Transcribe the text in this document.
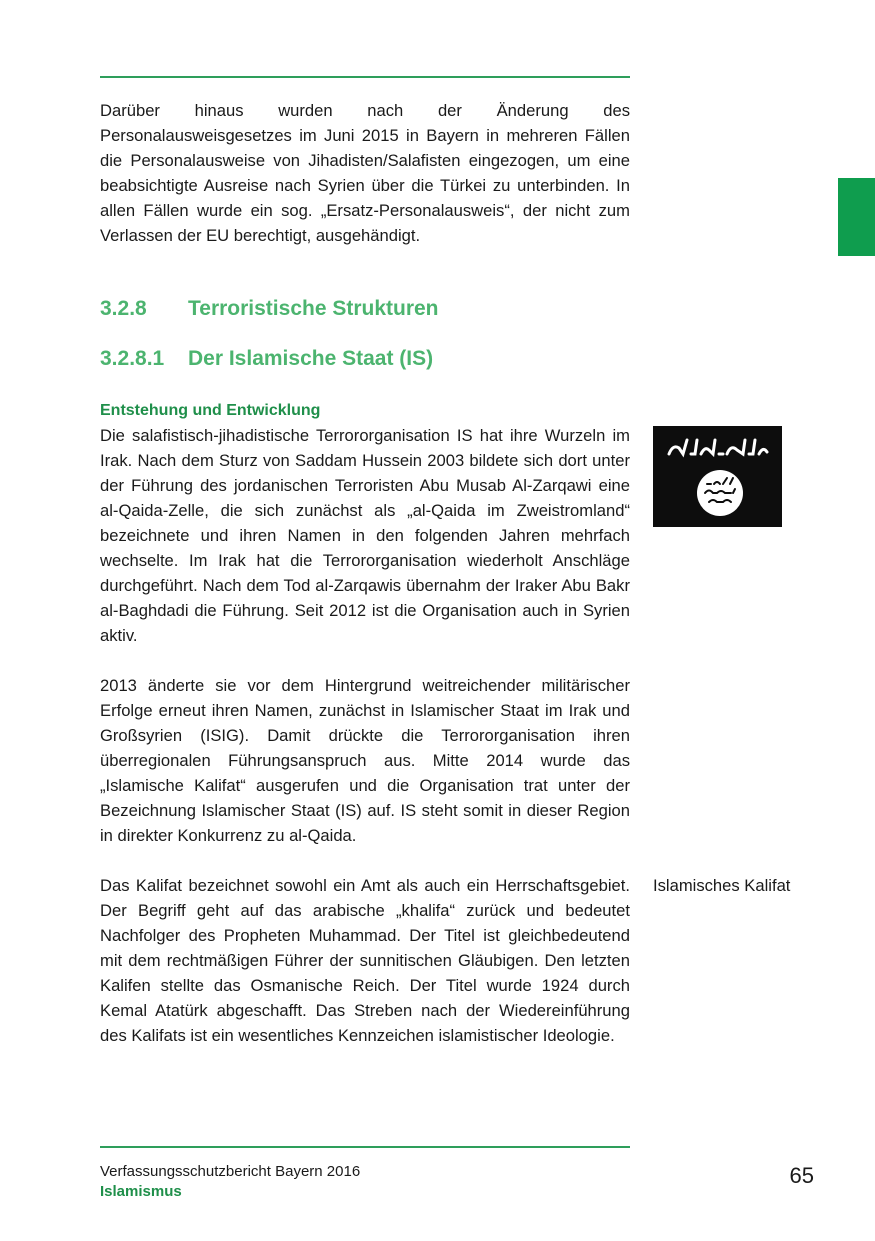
Darüber hinaus wurden nach der Änderung des Personalausweisgesetzes im Juni 2015 in Bayern in mehreren Fällen die Personalausweise von Jihadisten/Salafisten eingezogen, um eine beabsichtigte Ausreise nach Syrien über die Türkei zu unterbinden. In allen Fällen wurde ein sog. „Ersatz-Personalausweis“, der nicht zum Verlassen der EU berechtigt, ausgehändigt.

3.2.8 Terroristische Strukturen
3.2.8.1 Der Islamische Staat (IS)
Entstehung und Entwicklung

Die salafistisch-jihadistische Terrororganisation IS hat ihre Wurzeln im Irak. Nach dem Sturz von Saddam Hussein 2003 bildete sich dort unter der Führung des jordanischen Terroristen Abu Musab Al-Zarqawi eine al-Qaida-Zelle, die sich zunächst als „al-Qaida im Zweistromland“ bezeichnete und ihren Namen in den folgenden Jahren mehrfach wechselte. Im Irak hat die Terrororganisation wiederholt Anschläge durchgeführt. Nach dem Tod al-Zarqawis übernahm der Iraker Abu Bakr al-Baghdadi die Führung. Seit 2012 ist die Organisation auch in Syrien aktiv.

2013 änderte sie vor dem Hintergrund weitreichender militärischer Erfolge erneut ihren Namen, zunächst in Islamischer Staat im Irak und Großsyrien (ISIG). Damit drückte die Terrororganisation ihren überregionalen Führungsanspruch aus. Mitte 2014 wurde das „Islamische Kalifat“ ausgerufen und die Organisation trat unter der Bezeichnung Islamischer Staat (IS) auf. IS steht somit in dieser Region in direkter Konkurrenz zu al-Qaida.

Das Kalifat bezeichnet sowohl ein Amt als auch ein Herrschaftsgebiet. Der Begriff geht auf das arabische „khalifa“ zurück und bedeutet Nachfolger des Propheten Muhammad. Der Titel ist gleichbedeutend mit dem rechtmäßigen Führer der sunnitischen Gläubigen. Den letzten Kalifen stellte das Osmanische Reich. Der Titel wurde 1924 durch Kemal Atatürk abgeschafft. Das Streben nach der Wiedereinführung des Kalifats ist ein wesentliches Kennzeichen islamistischer Ideologie.

Islamisches Kalifat

Verfassungsschutzbericht Bayern 2016

Islamismus

65
